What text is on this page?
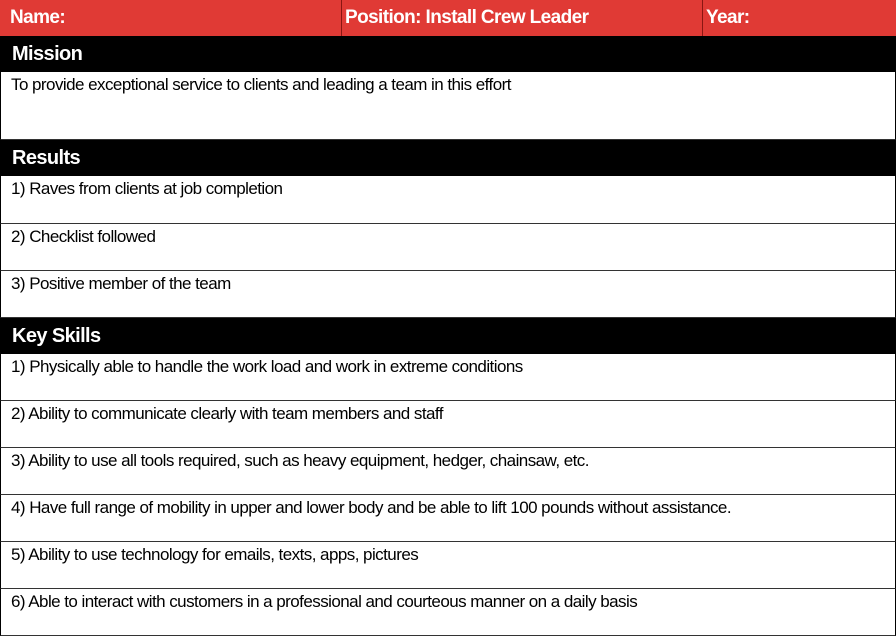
Name:	Position: Install Crew Leader	Year:
Mission
To provide exceptional service to clients and leading a team in this effort
Results
1) Raves from clients at job completion
2) Checklist followed
3) Positive member of the team
Key Skills
1) Physically able to handle the work load and work in extreme conditions
2) Ability to communicate clearly with team members and staff
3) Ability to use all tools required, such as heavy equipment, hedger, chainsaw, etc.
4) Have full range of mobility in upper and lower body and be able to lift 100 pounds without assistance.
5) Ability to use technology for emails, texts, apps, pictures
6) Able to interact with customers in a professional and courteous manner on a daily basis
